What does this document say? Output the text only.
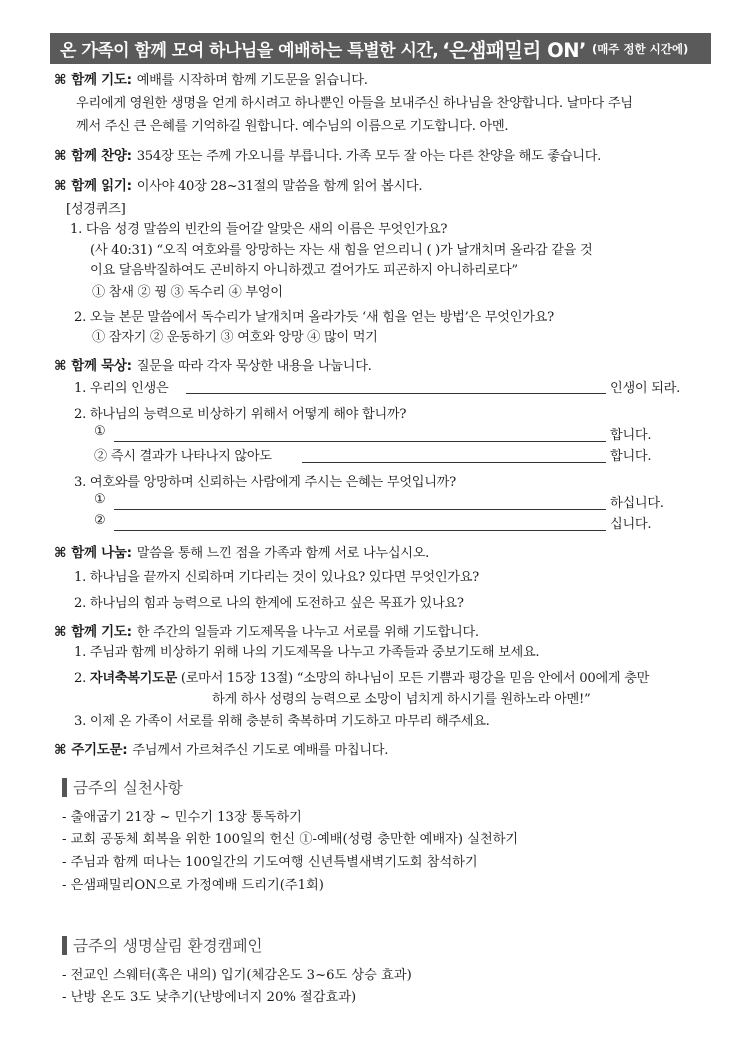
온 가족이 함께 모여 하나님을 예배하는 특별한 시간, ‘은샘패밀리 ON’ (매주 정한 시간에)
⌘ 함께 기도: 예배를 시작하며 함께 기도문을 읽습니다.
우리에게 영원한 생명을 얻게 하시려고 하나뿐인 아들을 보내주신 하나님을 찬양합니다. 날마다 주님
께서 주신 큰 은혜를 기억하길 원합니다. 예수님의 이름으로 기도합니다. 아멘.
⌘ 함께 찬양: 354장 또는 주께 가오니를 부릅니다. 가족 모두 잘 아는 다른 찬양을 해도 좋습니다.
⌘ 함께 읽기: 이사야 40장 28~31절의 말씀을 함께 읽어 봅시다.
[성경퀴즈]
1. 다음 성경 말씀의 빈칸의 들어갈 알맞은 새의 이름은 무엇인가요?
(사 40:31) “오직 여호와를 앙망하는 자는 새 힘을 얻으리니 ( )가 날개치며 올라감 같을 것
이요 달음박질하여도 곤비하지 아니하겠고 걸어가도 피곤하지 아니하리로다”
① 참새 ② 꿩 ③ 독수리 ④ 부엉이
2. 오늘 본문 말씀에서 독수리가 날개치며 올라가듯 ‘새 힘을 얻는 방법’은 무엇인가요?
① 잠자기 ② 운동하기 ③ 여호와 앙망 ④ 많이 먹기
⌘ 함께 묵상: 질문을 따라 각자 묵상한 내용을 나눕니다.
1. 우리의 인생은	인생이 되라.
2. 하나님의 능력으로 비상하기 위해서 어떻게 해야 합니까?
①	합니다.
② 즉시 결과가 나타나지 않아도	합니다.
3. 여호와를 앙망하며 신뢰하는 사람에게 주시는 은혜는 무엇입니까?
①	하십니다.
②	십니다.
⌘ 함께 나눔: 말씀을 통해 느낀 점을 가족과 함께 서로 나누십시오.
1. 하나님을 끝까지 신뢰하며 기다리는 것이 있나요? 있다면 무엇인가요?
2. 하나님의 힘과 능력으로 나의 한계에 도전하고 싶은 목표가 있나요?
⌘ 함께 기도: 한 주간의 일들과 기도제목을 나누고 서로를 위해 기도합니다.
1. 주님과 함께 비상하기 위해 나의 기도제목을 나누고 가족들과 중보기도해 보세요.
2. 자녀축복기도문 (로마서 15장 13절) “소망의 하나님이 모든 기쁨과 평강을 믿음 안에서 00에게 충만
하게 하사 성령의 능력으로 소망이 넘치게 하시기를 원하노라 아멘!”
3. 이제 온 가족이 서로를 위해 충분히 축복하며 기도하고 마무리 해주세요.
⌘ 주기도문: 주님께서 가르쳐주신 기도로 예배를 마칩니다.
금주의 실천사항
- 출애굽기 21장 ~ 민수기 13장 통독하기
- 교회 공동체 회복을 위한 100일의 헌신 ①-예배(성령 충만한 예배자) 실천하기
- 주님과 함께 떠나는 100일간의 기도여행 신년특별새벽기도회 참석하기
- 은샘패밀리ON으로 가정예배 드리기(주1회)
금주의 생명살림 환경캠페인
- 전교인 스웨터(혹은 내의) 입기(체감온도 3~6도 상승 효과)
- 난방 온도 3도 낮추기(난방에너지 20% 절감효과)
